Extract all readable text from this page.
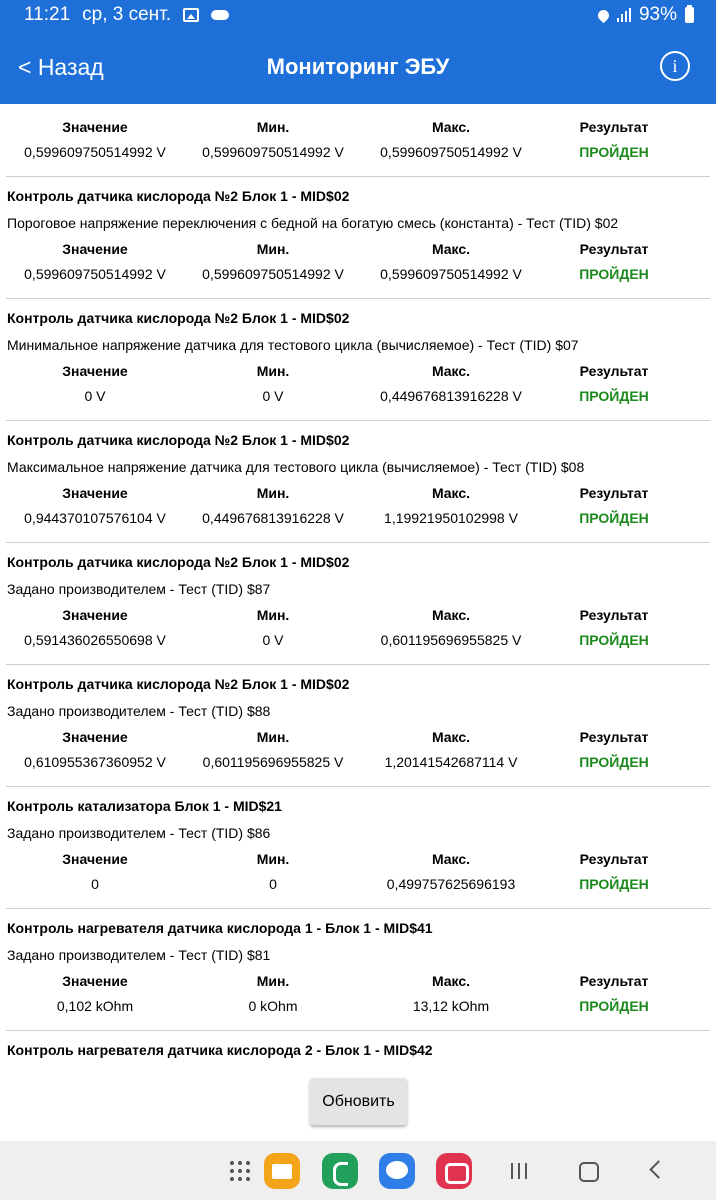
11:21 ср, 3 сент.	93%
< Назад	Мониторинг ЭБУ	i
Значение	Мин.	Макс.	Результат
0,599609750514992 V	0,599609750514992 V	0,599609750514992 V	ПРОЙДЕН
Контроль датчика кислорода №2 Блок 1 - MID$02
Пороговое напряжение переключения с бедной на богатую смесь (константа) - Тест (TID) $02
Значение	Мин.	Макс.	Результат
0,599609750514992 V	0,599609750514992 V	0,599609750514992 V	ПРОЙДЕН
Контроль датчика кислорода №2 Блок 1 - MID$02
Минимальное напряжение датчика для тестового цикла (вычисляемое) - Тест (TID) $07
Значение	Мин.	Макс.	Результат
0 V	0 V	0,449676813916228 V	ПРОЙДЕН
Контроль датчика кислорода №2 Блок 1 - MID$02
Максимальное напряжение датчика для тестового цикла (вычисляемое) - Тест (TID) $08
Значение	Мин.	Макс.	Результат
0,944370107576104 V	0,449676813916228 V	1,19921950102998 V	ПРОЙДЕН
Контроль датчика кислорода №2 Блок 1 - MID$02
Задано производителем - Тест (TID) $87
Значение	Мин.	Макс.	Результат
0,591436026550698 V	0 V	0,601195696955825 V	ПРОЙДЕН
Контроль датчика кислорода №2 Блок 1 - MID$02
Задано производителем - Тест (TID) $88
Значение	Мин.	Макс.	Результат
0,610955367360952 V	0,601195696955825 V	1,20141542687114 V	ПРОЙДЕН
Контроль катализатора Блок 1 - MID$21
Задано производителем - Тест (TID) $86
Значение	Мин.	Макс.	Результат
0	0	0,499757625696193	ПРОЙДЕН
Контроль нагревателя датчика кислорода 1 - Блок 1 - MID$41
Задано производителем - Тест (TID) $81
Значение	Мин.	Макс.	Результат
0,102 kOhm	0 kOhm	13,12 kOhm	ПРОЙДЕН
Контроль нагревателя датчика кислорода 2 - Блок 1 - MID$42
Обновить
